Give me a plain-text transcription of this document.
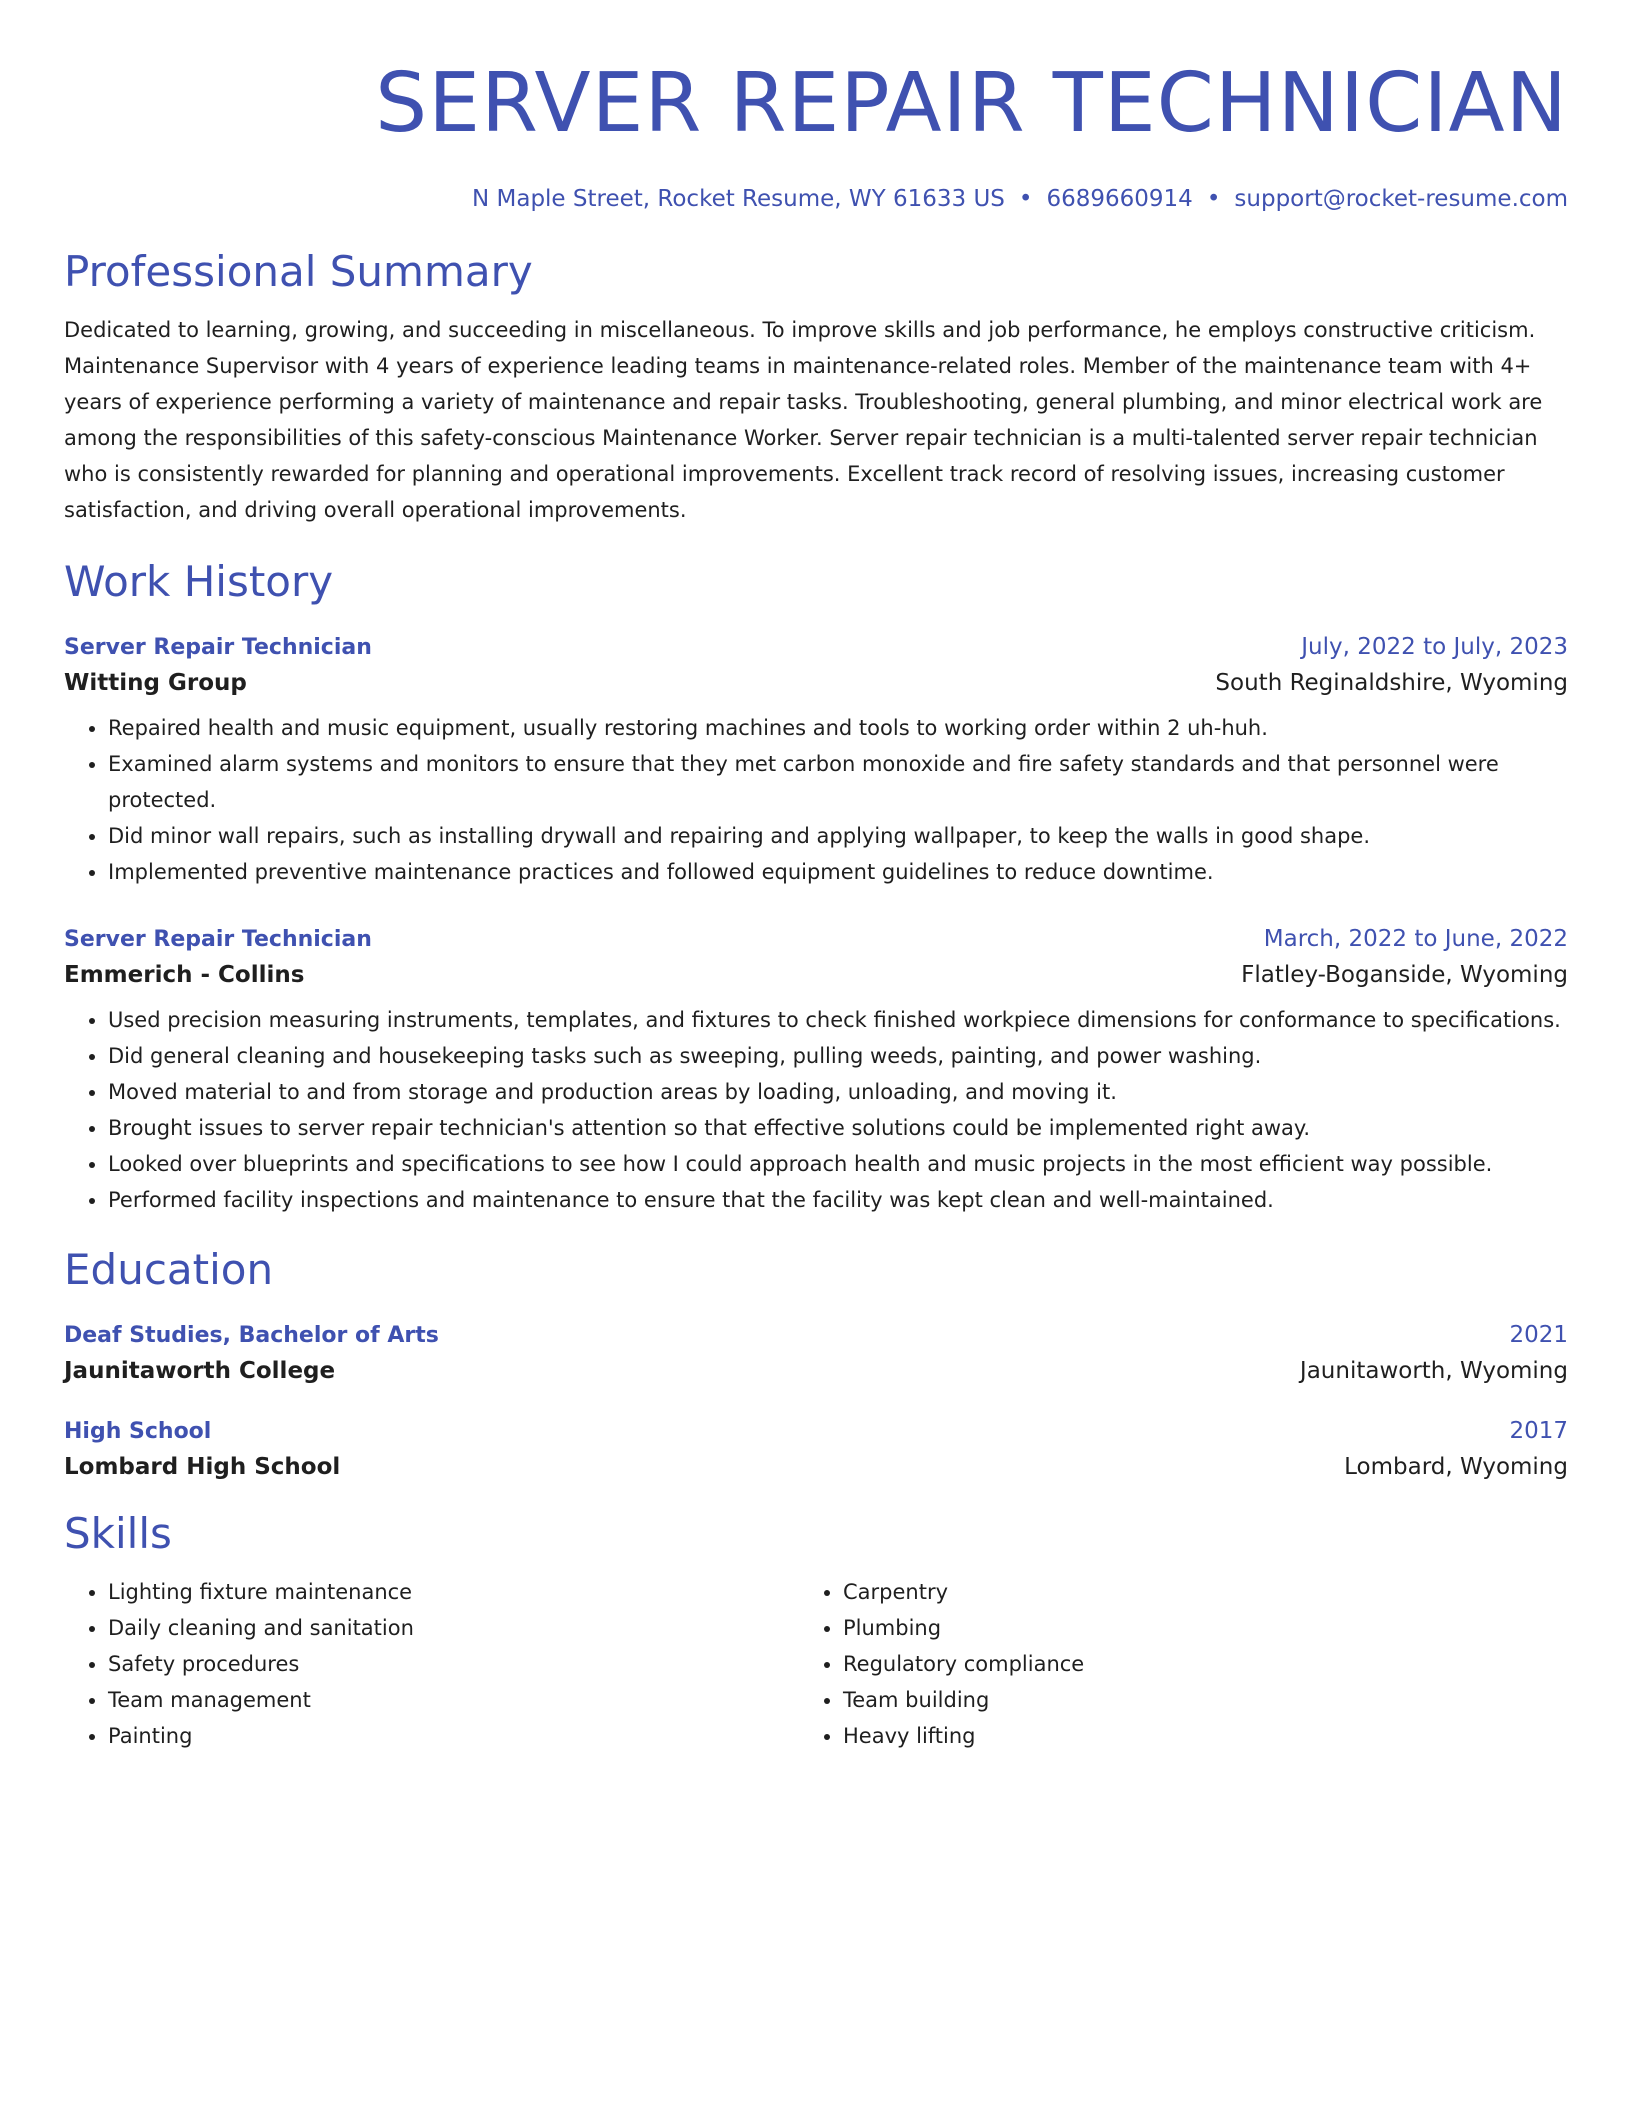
SERVER REPAIR TECHNICIAN
N Maple Street, Rocket Resume, WY 61633 US • 6689660914 • support@rocket-resume.com
Professional Summary
Dedicated to learning, growing, and succeeding in miscellaneous. To improve skills and job performance, he employs constructive criticism. Maintenance Supervisor with 4 years of experience leading teams in maintenance-related roles. Member of the maintenance team with 4+ years of experience performing a variety of maintenance and repair tasks. Troubleshooting, general plumbing, and minor electrical work are among the responsibilities of this safety-conscious Maintenance Worker. Server repair technician is a multi-talented server repair technician who is consistently rewarded for planning and operational improvements. Excellent track record of resolving issues, increasing customer satisfaction, and driving overall operational improvements.
Work History
Server Repair Technician	July, 2022 to July, 2023
Witting Group	South Reginaldshire, Wyoming
• Repaired health and music equipment, usually restoring machines and tools to working order within 2 uh-huh.
• Examined alarm systems and monitors to ensure that they met carbon monoxide and fire safety standards and that personnel were protected.
• Did minor wall repairs, such as installing drywall and repairing and applying wallpaper, to keep the walls in good shape.
• Implemented preventive maintenance practices and followed equipment guidelines to reduce downtime.
Server Repair Technician	March, 2022 to June, 2022
Emmerich - Collins	Flatley-Boganside, Wyoming
• Used precision measuring instruments, templates, and fixtures to check finished workpiece dimensions for conformance to specifications.
• Did general cleaning and housekeeping tasks such as sweeping, pulling weeds, painting, and power washing.
• Moved material to and from storage and production areas by loading, unloading, and moving it.
• Brought issues to server repair technician's attention so that effective solutions could be implemented right away.
• Looked over blueprints and specifications to see how I could approach health and music projects in the most efficient way possible.
• Performed facility inspections and maintenance to ensure that the facility was kept clean and well-maintained.
Education
Deaf Studies, Bachelor of Arts	2021
Jaunitaworth College	Jaunitaworth, Wyoming
High School	2017
Lombard High School	Lombard, Wyoming
Skills
• Lighting fixture maintenance
• Daily cleaning and sanitation
• Safety procedures
• Team management
• Painting
• Carpentry
• Plumbing
• Regulatory compliance
• Team building
• Heavy lifting
